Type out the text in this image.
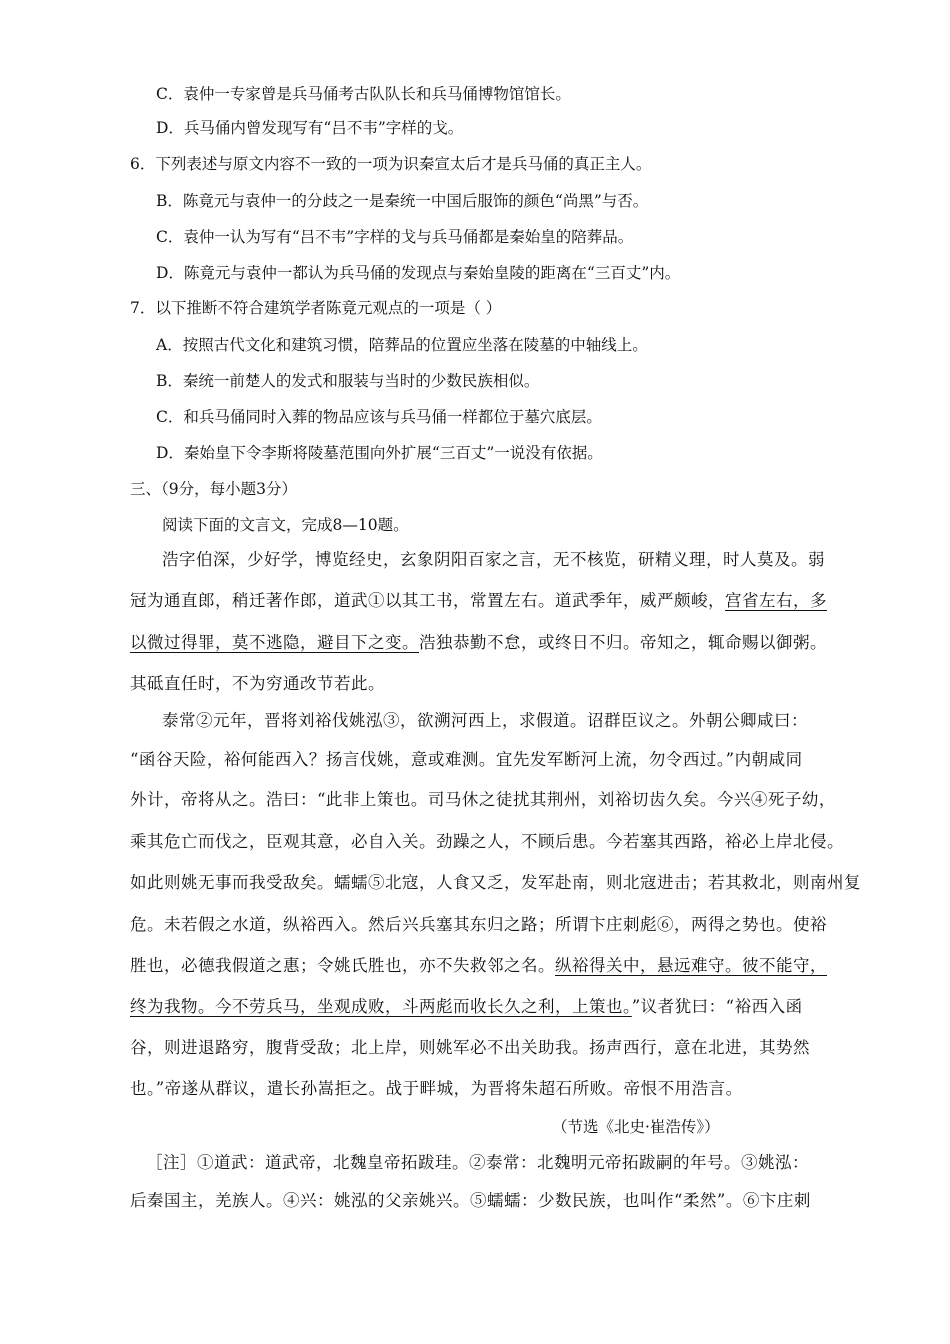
C．袁仲一专家曾是兵马俑考古队队长和兵马俑博物馆馆长。
D．兵马俑内曾发现写有“吕不韦”字样的戈。
6．下列表述与原文内容不一致的一项为识秦宣太后才是兵马俑的真正主人。
B．陈竟元与袁仲一的分歧之一是秦统一中国后服饰的颜色“尚黑”与否。
C．袁仲一认为写有“吕不韦”字样的戈与兵马俑都是秦始皇的陪葬品。
D．陈竟元与袁仲一都认为兵马俑的发现点与秦始皇陵的距离在“三百丈”内。
7．以下推断不符合建筑学者陈竟元观点的一项是（ ）
A．按照古代文化和建筑习惯，陪葬品的位置应坐落在陵墓的中轴线上。
B．秦统一前楚人的发式和服装与当时的少数民族相似。
C．和兵马俑同时入葬的物品应该与兵马俑一样都位于墓穴底层。
D．秦始皇下令李斯将陵墓范围向外扩展“三百丈”一说没有依据。
三、（9分，每小题3分）
阅读下面的文言文，完成8—10题。
浩字伯深，少好学，博览经史，玄象阴阳百家之言，无不核览，研精义理，时人莫及。弱
冠为通直郎，稍迁著作郎，道武①以其工书，常置左右。道武季年，威严颇峻，宫省左右，多
以微过得罪，莫不逃隐，避目下之变。浩独恭勤不怠，或终日不归。帝知之，辄命赐以御粥。
其砥直任时，不为穷通改节若此。
泰常②元年，晋将刘裕伐姚泓③，欲溯河西上，求假道。诏群臣议之。外朝公卿咸曰：
“函谷天险，裕何能西入？扬言伐姚，意或难测。宜先发军断河上流，勿令西过。”内朝咸同
外计，帝将从之。浩曰：“此非上策也。司马休之徒扰其荆州，刘裕切齿久矣。今兴④死子幼，
乘其危亡而伐之，臣观其意，必自入关。劲躁之人，不顾后患。今若塞其西路，裕必上岸北侵。
如此则姚无事而我受敌矣。蠕蠕⑤北寇，人食又乏，发军赴南，则北寇进击；若其救北，则南州复
危。未若假之水道，纵裕西入。然后兴兵塞其东归之路；所谓卞庄刺彪⑥，两得之势也。使裕
胜也，必德我假道之惠；令姚氏胜也，亦不失救邻之名。纵裕得关中，悬远难守。彼不能守，
终为我物。今不劳兵马，坐观成败，斗两彪而收长久之利，上策也。”议者犹曰：“裕西入函
谷，则进退路穷，腹背受敌；北上岸，则姚军必不出关助我。扬声西行，意在北进，其势然
也。”帝遂从群议，遣长孙嵩拒之。战于畔城，为晋将朱超石所败。帝恨不用浩言。
（节选《北史·崔浩传》）
［注］①道武：道武帝，北魏皇帝拓跋珪。②泰常：北魏明元帝拓跋嗣的年号。③姚泓：
后秦国主，羌族人。④兴：姚泓的父亲姚兴。⑤蠕蠕：少数民族，也叫作“柔然”。⑥卞庄刺
